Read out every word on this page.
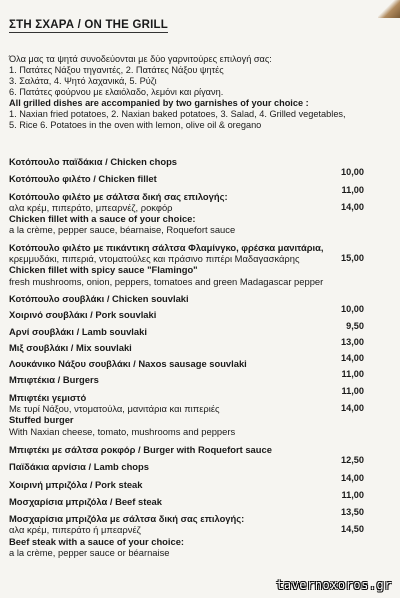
ΣΤΗ ΣΧΑΡΑ / ON THE GRILL
Όλα μας τα ψητά συνοδεύονται με δύο γαρνιτούρες επιλογή σας:
1. Πατάτες Νάξου τηγανιτές, 2. Πατάτες Νάξου ψητές
3. Σαλάτα, 4. Ψητό λαχανικά, 5. Ρύζι
6. Πατάτες φούρνου με ελαιόλαδο, λεμόνι και ρίγανη.
All grilled dishes are accompanied by two garnishes of your choice :
1. Naxian fried potatoes, 2. Naxian baked potatoes, 3. Salad, 4. Grilled vegetables,
5. Rice 6. Potatoes in the oven with lemon, olive oil & oregano
Κοτόπουλο παϊδάκια / Chicken chops
10,00
Κοτόπουλο φιλέτο / Chicken fillet
11,00
Κοτόπουλο φιλέτο με σάλτσα δική σας επιλογής:
αλα κρέμ, πιπεράτο, μπεαρνέζ, ροκφόρ
Chicken fillet with a sauce of your choice:
a la crème, pepper sauce, béarnaise, Roquefort sauce
14,00
Κοτόπουλο φιλέτο με πικάντικη σάλτσα Φλαμίνγκο, φρέσκα μανιτάρια,
κρεμμυδάκι, πιπεριά, ντοματούλες και πράσινο πιπέρι Μαδαγασκάρης
Chicken fillet with spicy sauce "Flamingo"
fresh mushrooms, onion, peppers, tomatoes and green Madagascar pepper
15,00
Κοτόπουλο σουβλάκι / Chicken souvlaki
10,00
Χοιρινό σουβλάκι / Pork souvlaki
9,50
Αρνί σουβλάκι / Lamb souvlaki
13,00
Μιξ σουβλάκι / Mix souvlaki
14,00
Λουκάνικο Νάξου σουβλάκι / Naxos sausage souvlaki
11,00
Μπιφτέκια / Burgers
11,00
Μπιφτέκι γεμιστό
Με τυρί Νάξου, ντοματούλα, μανιτάρια και πιπεριές
Stuffed burger
With Naxian cheese, tomato, mushrooms and peppers
14,00
Μπιφτέκι με σάλτσα ροκφόρ / Burger with Roquefort sauce
12,50
Παϊδάκια αρνίσια / Lamb chops
14,00
Χοιρινή μπριζόλα / Pork steak
11,00
Μοσχαρίσια μπριζόλα / Beef steak
13,50
Μοσχαρίσια μπριζόλα με σάλτσα δική σας επιλογής:
αλα κρέμ, πιπεράτο ή μπεαρνέζ
Beef steak with a sauce of your choice:
a la crème, pepper sauce or béarnaise
14,50
tavernoxoros.gr
